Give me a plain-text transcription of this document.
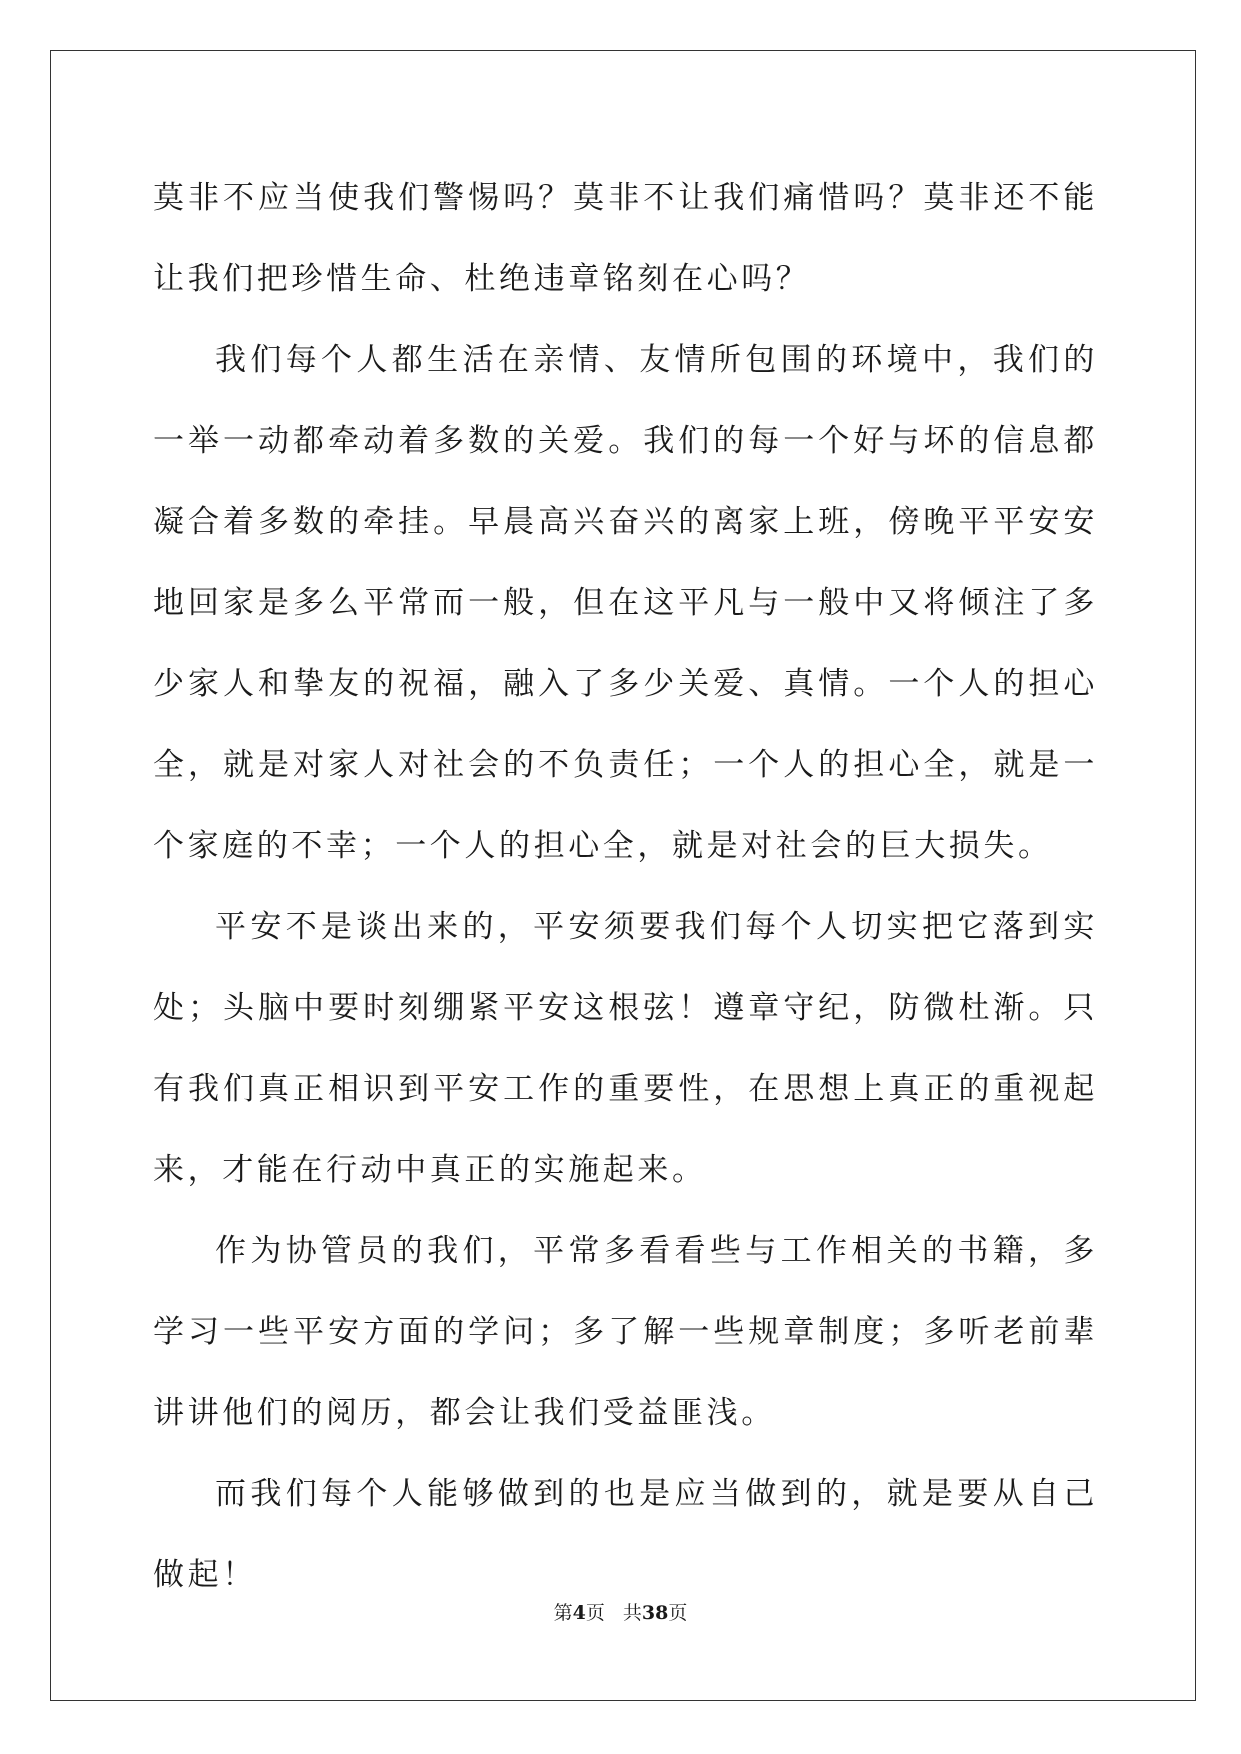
莫非不应当使我们警惕吗？莫非不让我们痛惜吗？莫非还不能让我们把珍惜生命、杜绝违章铭刻在心吗？

我们每个人都生活在亲情、友情所包围的环境中，我们的一举一动都牵动着多数的关爱。我们的每一个好与坏的信息都凝合着多数的牵挂。早晨高兴奋兴的离家上班，傍晚平平安安地回家是多么平常而一般，但在这平凡与一般中又将倾注了多少家人和挚友的祝福，融入了多少关爱、真情。一个人的担心全，就是对家人对社会的不负责任；一个人的担心全，就是一个家庭的不幸；一个人的担心全，就是对社会的巨大损失。

平安不是谈出来的，平安须要我们每个人切实把它落到实处；头脑中要时刻绷紧平安这根弦！遵章守纪，防微杜渐。只有我们真正相识到平安工作的重要性，在思想上真正的重视起来，才能在行动中真正的实施起来。

作为协管员的我们，平常多看看些与工作相关的书籍，多学习一些平安方面的学问；多了解一些规章制度；多听老前辈讲讲他们的阅历，都会让我们受益匪浅。

而我们每个人能够做到的也是应当做到的，就是要从自己做起！

第4页 共38页
